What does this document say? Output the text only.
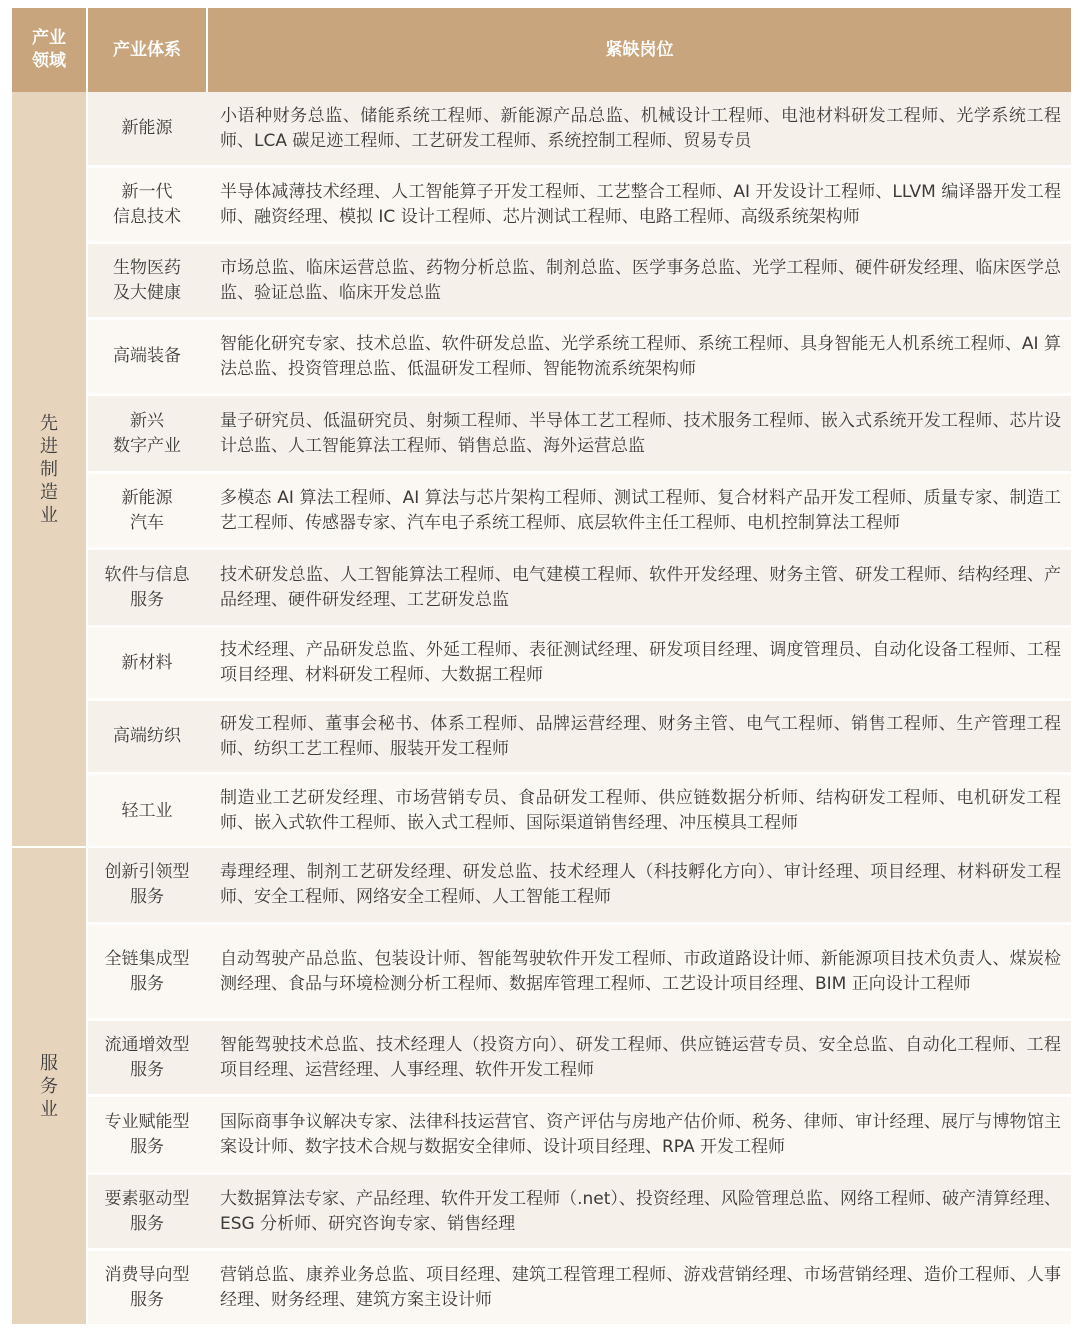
产业
领域
产业体系	紧缺岗位
先进制造业
新能源
小语种财务总监、储能系统工程师、新能源产品总监、机械设计工程师、电池材料研发工程师、光学系统工程师、LCA 碳足迹工程师、工艺研发工程师、系统控制工程师、贸易专员
新一代
信息技术
半导体减薄技术经理、人工智能算子开发工程师、工艺整合工程师、AI 开发设计工程师、LLVM 编译器开发工程师、融资经理、模拟 IC 设计工程师、芯片测试工程师、电路工程师、高级系统架构师
生物医药
及大健康
市场总监、临床运营总监、药物分析总监、制剂总监、医学事务总监、光学工程师、硬件研发经理、临床医学总监、验证总监、临床开发总监
高端装备
智能化研究专家、技术总监、软件研发总监、光学系统工程师、系统工程师、具身智能无人机系统工程师、AI 算法总监、投资管理总监、低温研发工程师、智能物流系统架构师
新兴
数字产业
量子研究员、低温研究员、射频工程师、半导体工艺工程师、技术服务工程师、嵌入式系统开发工程师、芯片设计总监、人工智能算法工程师、销售总监、海外运营总监
新能源
汽车
多模态 AI 算法工程师、AI 算法与芯片架构工程师、测试工程师、复合材料产品开发工程师、质量专家、制造工艺工程师、传感器专家、汽车电子系统工程师、底层软件主任工程师、电机控制算法工程师
软件与信息
服务
技术研发总监、人工智能算法工程师、电气建模工程师、软件开发经理、财务主管、研发工程师、结构经理、产品经理、硬件研发经理、工艺研发总监
新材料
技术经理、产品研发总监、外延工程师、表征测试经理、研发项目经理、调度管理员、自动化设备工程师、工程项目经理、材料研发工程师、大数据工程师
高端纺织
研发工程师、董事会秘书、体系工程师、品牌运营经理、财务主管、电气工程师、销售工程师、生产管理工程师、纺织工艺工程师、服装开发工程师
轻工业
制造业工艺研发经理、市场营销专员、食品研发工程师、供应链数据分析师、结构研发工程师、电机研发工程师、嵌入式软件工程师、嵌入式工程师、国际渠道销售经理、冲压模具工程师
服务业
创新引领型
服务
毒理经理、制剂工艺研发经理、研发总监、技术经理人（科技孵化方向）、审计经理、项目经理、材料研发工程师、安全工程师、网络安全工程师、人工智能工程师
全链集成型
服务
自动驾驶产品总监、包装设计师、智能驾驶软件开发工程师、市政道路设计师、新能源项目技术负责人、煤炭检测经理、食品与环境检测分析工程师、数据库管理工程师、工艺设计项目经理、BIM 正向设计工程师
流通增效型
服务
智能驾驶技术总监、技术经理人（投资方向）、研发工程师、供应链运营专员、安全总监、自动化工程师、工程项目经理、运营经理、人事经理、软件开发工程师
专业赋能型
服务
国际商事争议解决专家、法律科技运营官、资产评估与房地产估价师、税务、律师、审计经理、展厅与博物馆主案设计师、数字技术合规与数据安全律师、设计项目经理、RPA 开发工程师
要素驱动型
服务
大数据算法专家、产品经理、软件开发工程师（.net）、投资经理、风险管理总监、网络工程师、破产清算经理、ESG 分析师、研究咨询专家、销售经理
消费导向型
服务
营销总监、康养业务总监、项目经理、建筑工程管理工程师、游戏营销经理、市场营销经理、造价工程师、人事经理、财务经理、建筑方案主设计师
